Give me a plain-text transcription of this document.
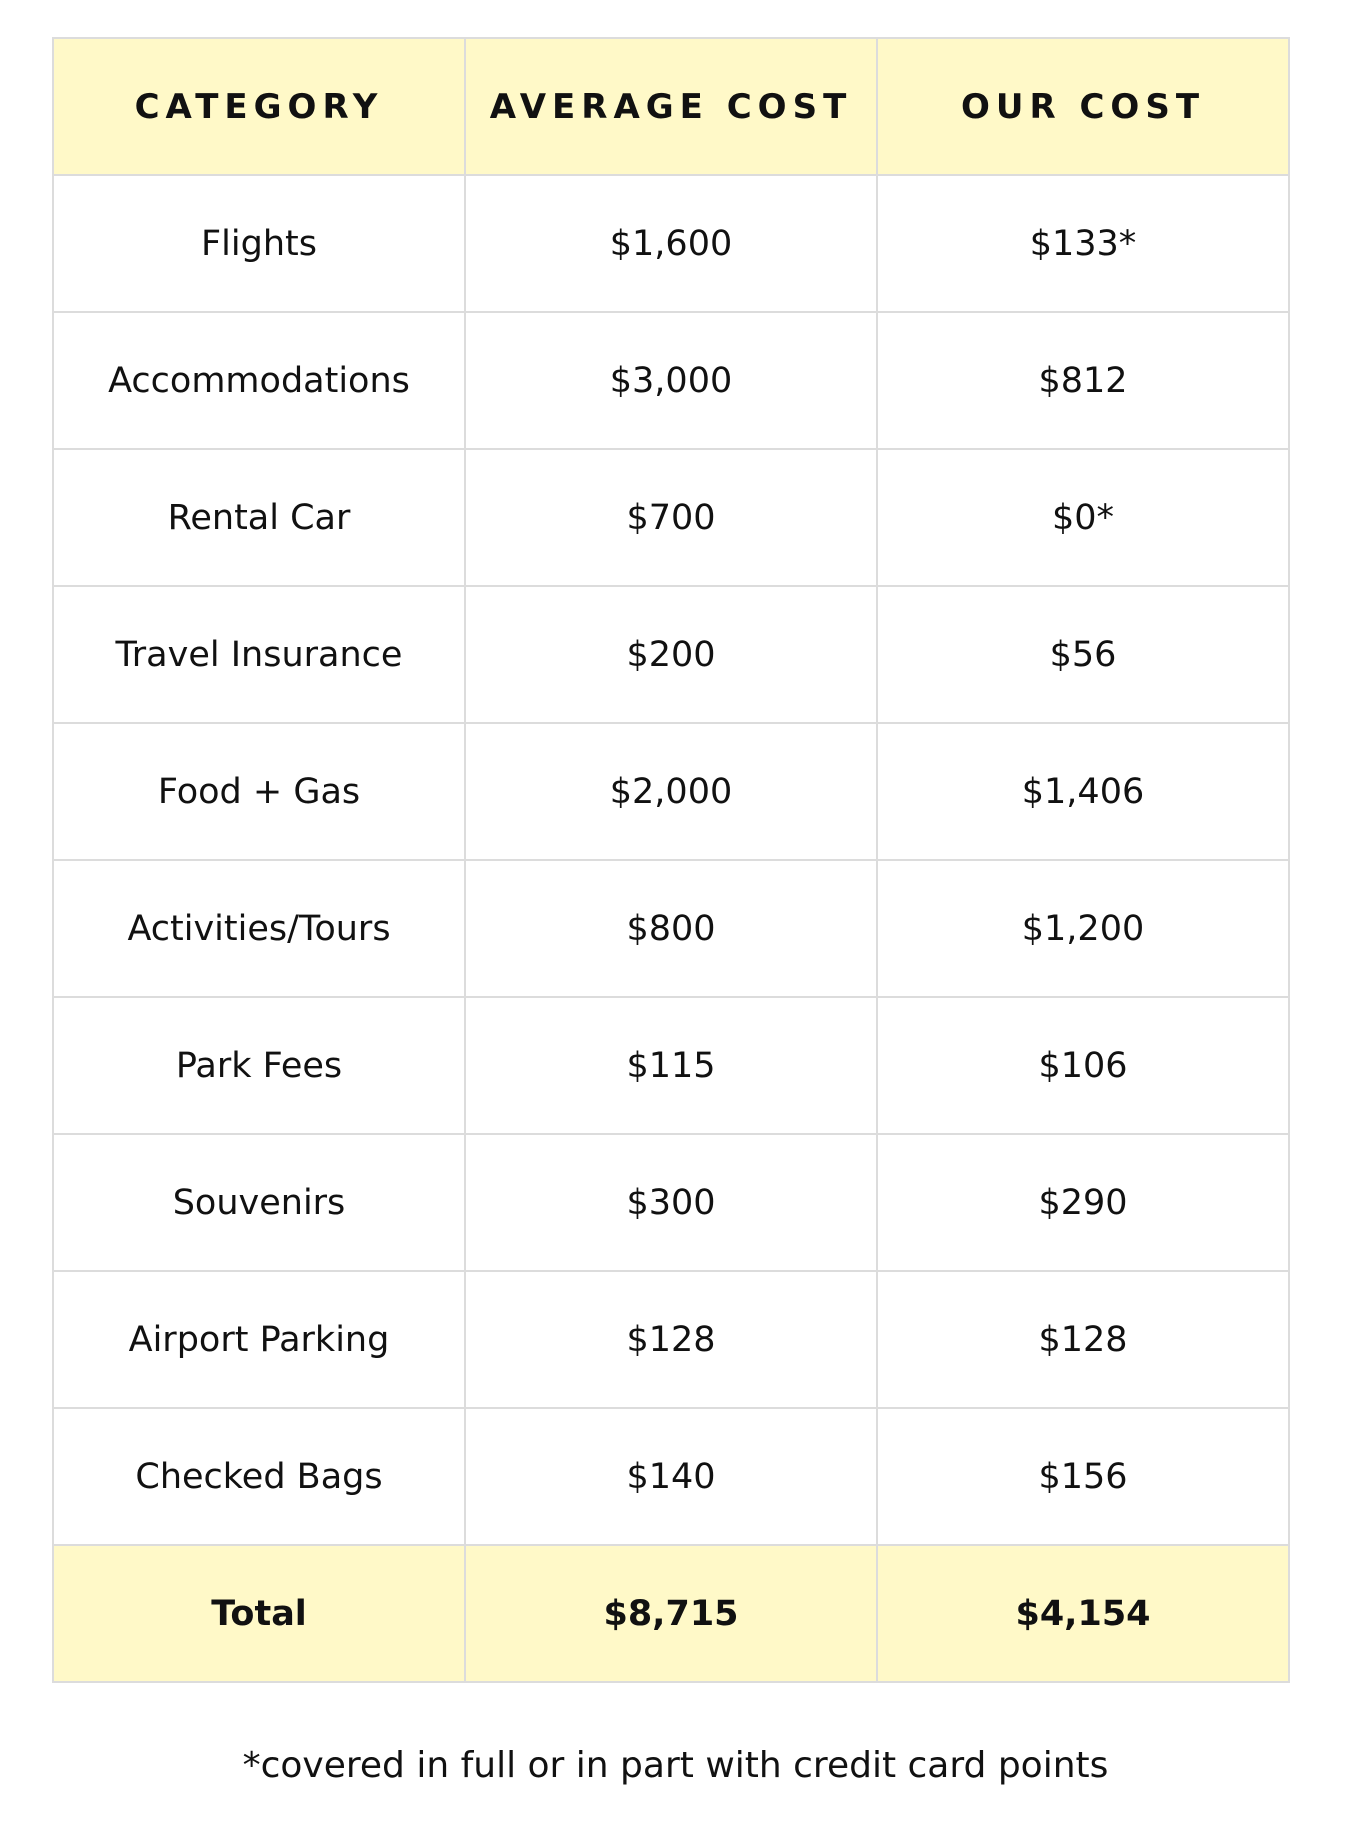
CATEGORY	AVERAGE COST	OUR COST
Flights	$1,600	$133*
Accommodations	$3,000	$812
Rental Car	$700	$0*
Travel Insurance	$200	$56
Food + Gas	$2,000	$1,406
Activities/Tours	$800	$1,200
Park Fees	$115	$106
Souvenirs	$300	$290
Airport Parking	$128	$128
Checked Bags	$140	$156
Total	$8,715	$4,154
*covered in full or in part with credit card points
